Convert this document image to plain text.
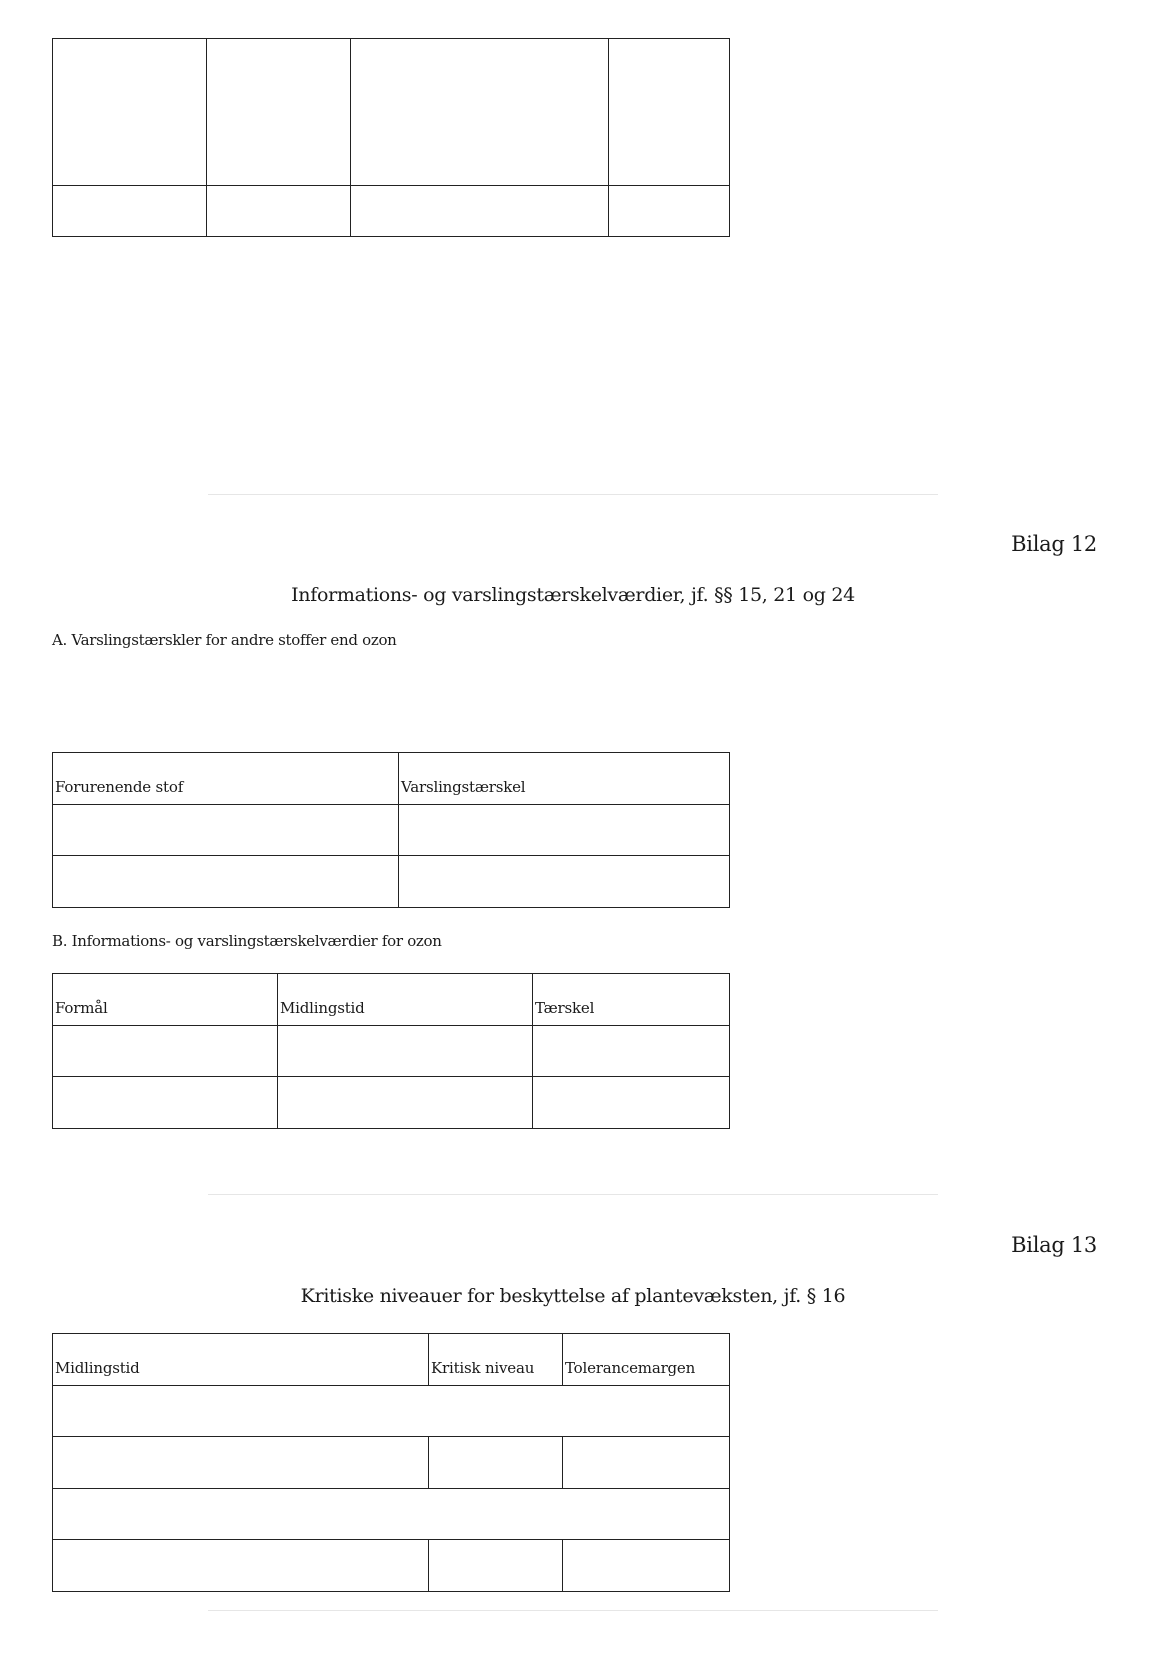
Bilag 12
Informations- og varslingstærskelværdier, jf. §§ 15, 21 og 24
A. Varslingstærskler for andre stoffer end ozon
Forurenende stof	Varslingstærskel

B. Informations- og varslingstærskelværdier for ozon
Formål	Midlingstid	Tærskel

Bilag 13
Kritiske niveauer for beskyttelse af plantevæksten, jf. § 16
Midlingstid	Kritisk niveau	Tolerancemargen
